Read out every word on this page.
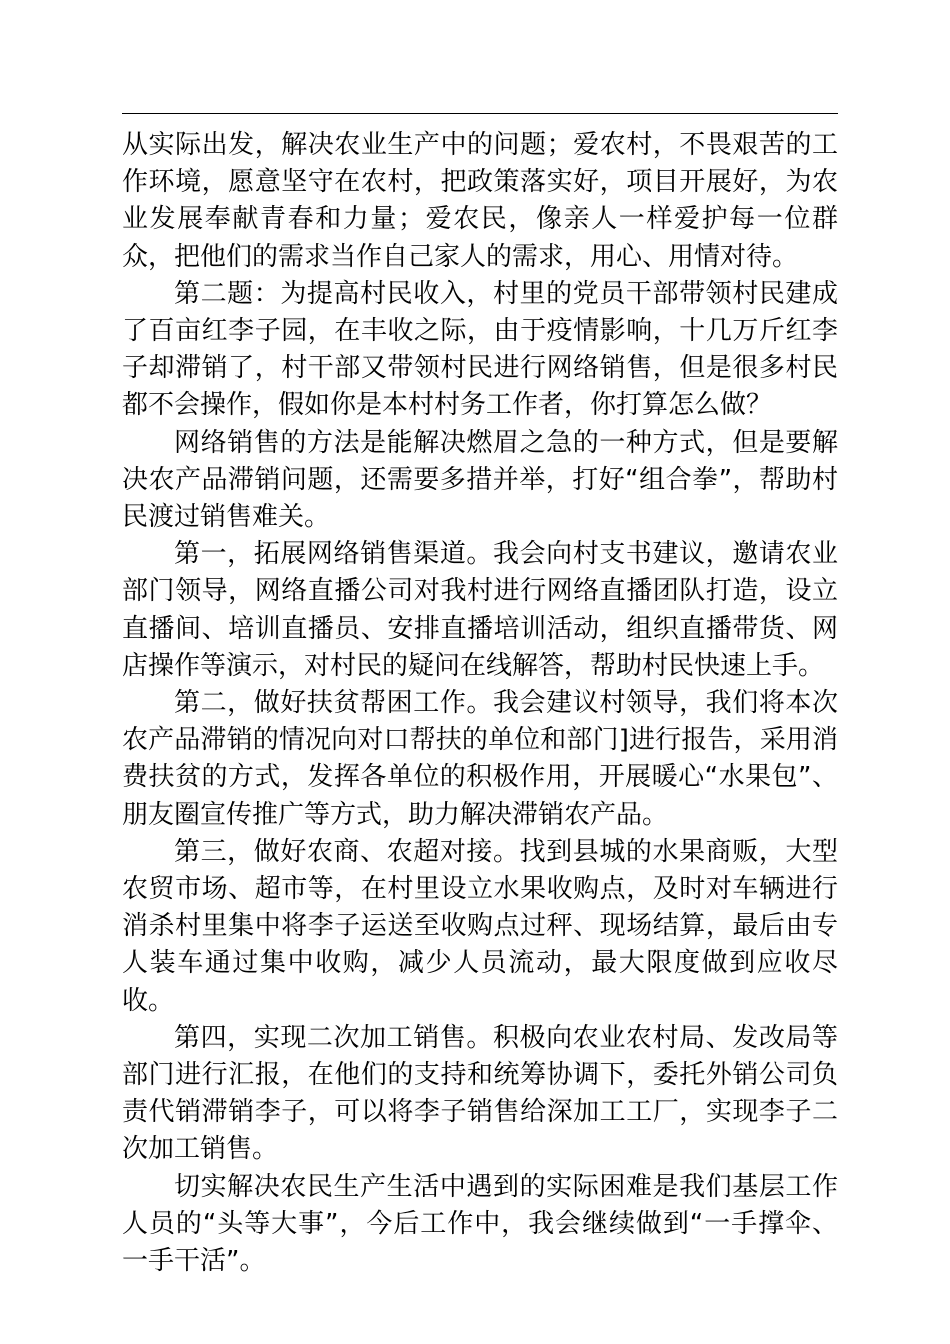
从实际出发，解决农业生产中的问题；爱农村，不畏艰苦的工作环境，愿意坚守在农村，把政策落实好，项目开展好，为农业发展奉献青春和力量；爱农民，像亲人一样爱护每一位群众，把他们的需求当作自己家人的需求，用心、用情对待。

第二题：为提高村民收入，村里的党员干部带领村民建成了百亩红李子园，在丰收之际，由于疫情影响，十几万斤红李子却滞销了，村干部又带领村民进行网络销售，但是很多村民都不会操作，假如你是本村村务工作者，你打算怎么做？

网络销售的方法是能解决燃眉之急的一种方式，但是要解决农产品滞销问题，还需要多措并举，打好“组合拳”，帮助村民渡过销售难关。

第一，拓展网络销售渠道。我会向村支书建议，邀请农业部门领导，网络直播公司对我村进行网络直播团队打造，设立直播间、培训直播员、安排直播培训活动，组织直播带货、网店操作等演示，对村民的疑问在线解答，帮助村民快速上手。

第二，做好扶贫帮困工作。我会建议村领导，我们将本次农产品滞销的情况向对口帮扶的单位和部门]进行报告，采用消费扶贫的方式，发挥各单位的积极作用，开展暖心“水果包”、朋友圈宣传推广等方式，助力解决滞销农产品。

第三，做好农商、农超对接。找到县城的水果商贩，大型农贸市场、超市等，在村里设立水果收购点，及时对车辆进行消杀村里集中将李子运送至收购点过秤、现场结算，最后由专人装车通过集中收购，减少人员流动，最大限度做到应收尽收。

第四，实现二次加工销售。积极向农业农村局、发改局等部门进行汇报，在他们的支持和统筹协调下，委托外销公司负责代销滞销李子，可以将李子销售给深加工工厂，实现李子二次加工销售。

切实解决农民生产生活中遇到的实际困难是我们基层工作人员的“头等大事”，今后工作中，我会继续做到“一手撑伞、一手干活”。
